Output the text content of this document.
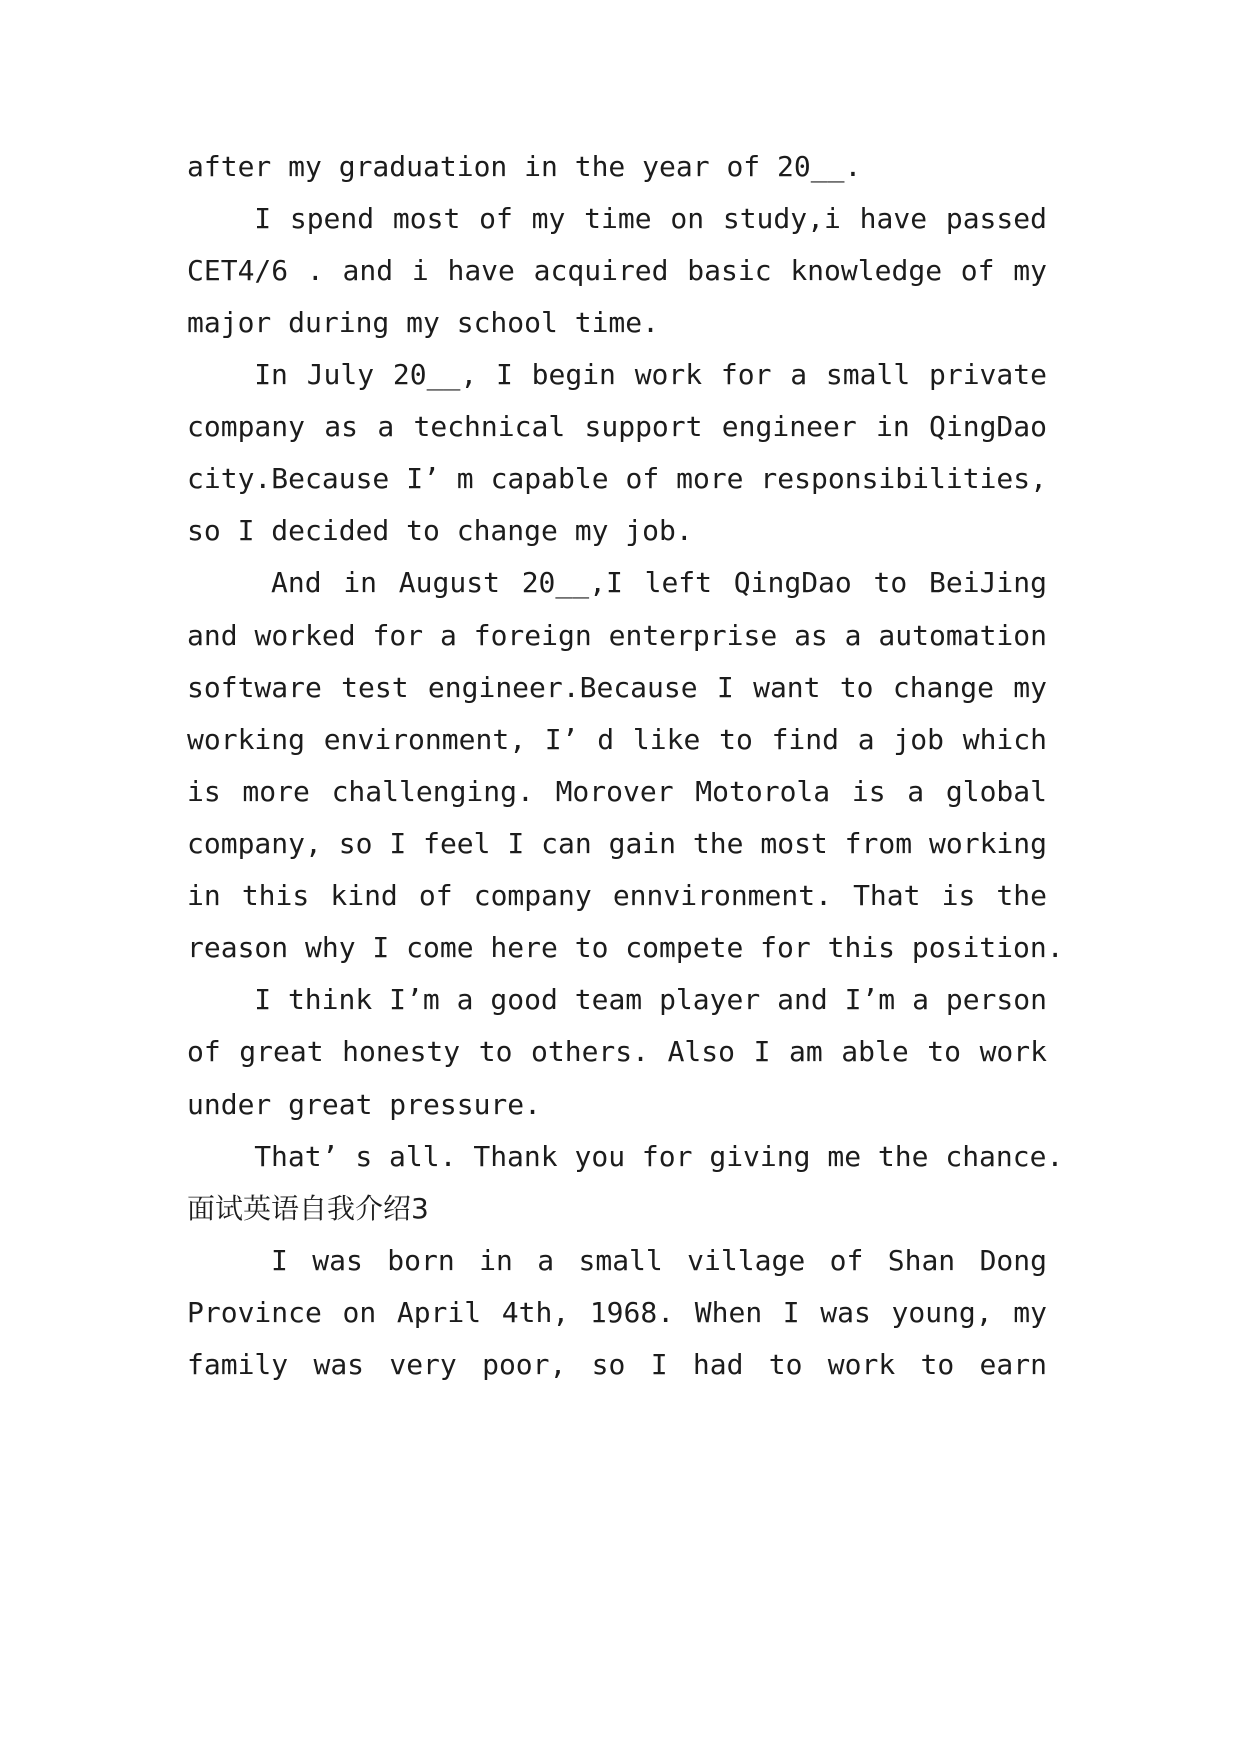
after my graduation in the year of 20__.
I spend most of my time on study,i have passed
CET4/6 . and i have acquired basic knowledge of my
major during my school time.
In July 20__, I begin work for a small private
company as a technical support engineer in QingDao
city.Because I’ m capable of more responsibilities,
so I decided to change my job.
And in August 20__,I left QingDao to BeiJing
and worked for a foreign enterprise as a automation
software test engineer.Because I want to change my
working environment, I’ d like to find a job which
is more challenging. Morover Motorola is a global
company, so I feel I can gain the most from working
in this kind of company ennvironment. That is the
reason why I come here to compete for this position.
I think I’m a good team player and I’m a person
of great honesty to others. Also I am able to work
under great pressure.
That’ s all. Thank you for giving me the chance.
面试英语自我介绍3
I was born in a small village of Shan Dong
Province on April 4th, 1968. When I was young, my
family was very poor, so I had to work to earn
